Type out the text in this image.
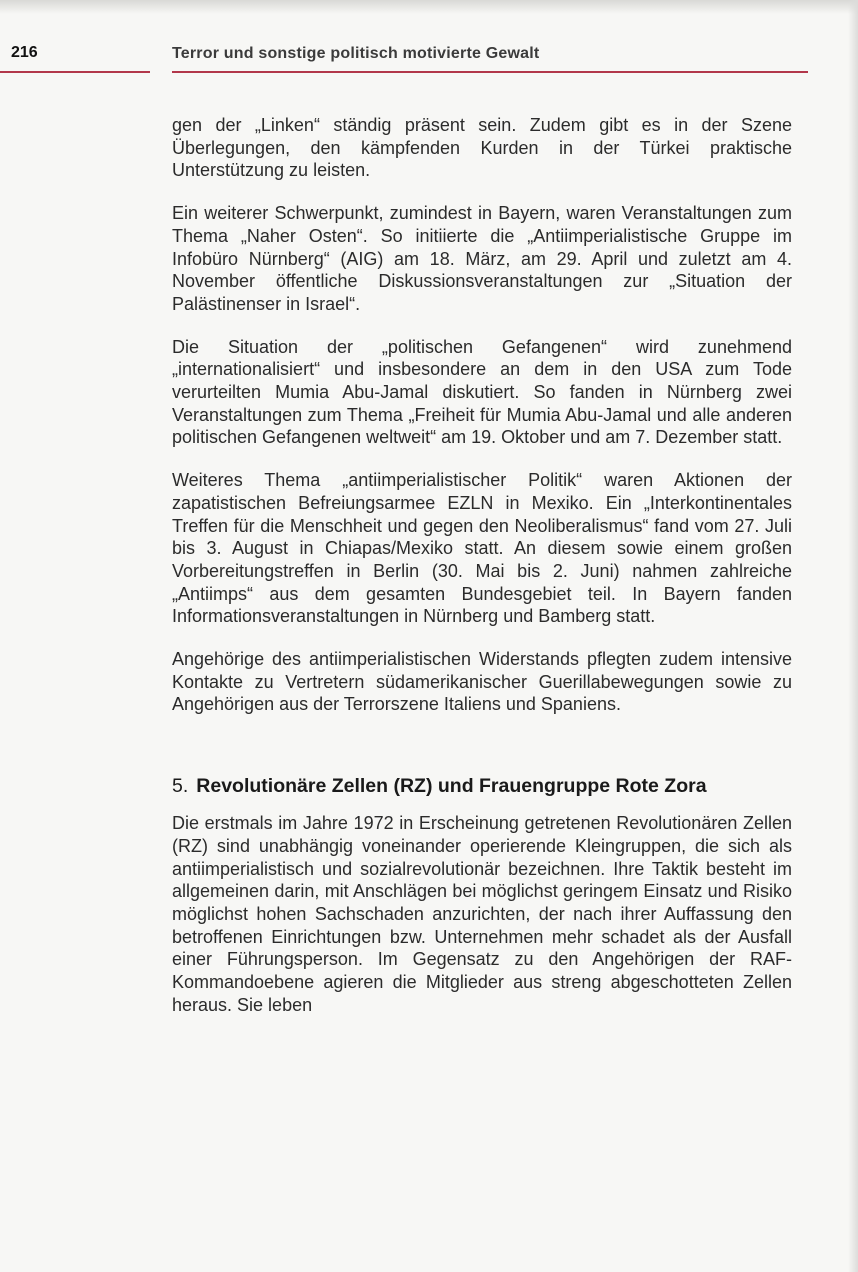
216	Terror und sonstige politisch motivierte Gewalt

gen der „Linken“ ständig präsent sein. Zudem gibt es in der Szene Überlegungen, den kämpfenden Kurden in der Türkei praktische Unterstützung zu leisten.

Ein weiterer Schwerpunkt, zumindest in Bayern, waren Veranstaltungen zum Thema „Naher Osten“. So initiierte die „Antiimperialistische Gruppe im Infobüro Nürnberg“ (AIG) am 18. März, am 29. April und zuletzt am 4. November öffentliche Diskussionsveranstaltungen zur „Situation der Palästinenser in Israel“.

Die Situation der „politischen Gefangenen“ wird zunehmend „internationalisiert“ und insbesondere an dem in den USA zum Tode verurteilten Mumia Abu-Jamal diskutiert. So fanden in Nürnberg zwei Veranstaltungen zum Thema „Freiheit für Mumia Abu-Jamal und alle anderen politischen Gefangenen weltweit“ am 19. Oktober und am 7. Dezember statt.

Weiteres Thema „antiimperialistischer Politik“ waren Aktionen der zapatistischen Befreiungsarmee EZLN in Mexiko. Ein „Interkontinentales Treffen für die Menschheit und gegen den Neoliberalismus“ fand vom 27. Juli bis 3. August in Chiapas/Mexiko statt. An diesem sowie einem großen Vorbereitungstreffen in Berlin (30. Mai bis 2. Juni) nahmen zahlreiche „Antiimps“ aus dem gesamten Bundesgebiet teil. In Bayern fanden Informationsveranstaltungen in Nürnberg und Bamberg statt.

Angehörige des antiimperialistischen Widerstands pflegten zudem intensive Kontakte zu Vertretern südamerikanischer Guerillabewegungen sowie zu Angehörigen aus der Terrorszene Italiens und Spaniens.

5. Revolutionäre Zellen (RZ) und Frauengruppe Rote Zora

Die erstmals im Jahre 1972 in Erscheinung getretenen Revolutionären Zellen (RZ) sind unabhängig voneinander operierende Kleingruppen, die sich als antiimperialistisch und sozialrevolutionär bezeichnen. Ihre Taktik besteht im allgemeinen darin, mit Anschlägen bei möglichst geringem Einsatz und Risiko möglichst hohen Sachschaden anzurichten, der nach ihrer Auffassung den betroffenen Einrichtungen bzw. Unternehmen mehr schadet als der Ausfall einer Führungsperson. Im Gegensatz zu den Angehörigen der RAF-Kommandoebene agieren die Mitglieder aus streng abgeschotteten Zellen heraus. Sie leben
